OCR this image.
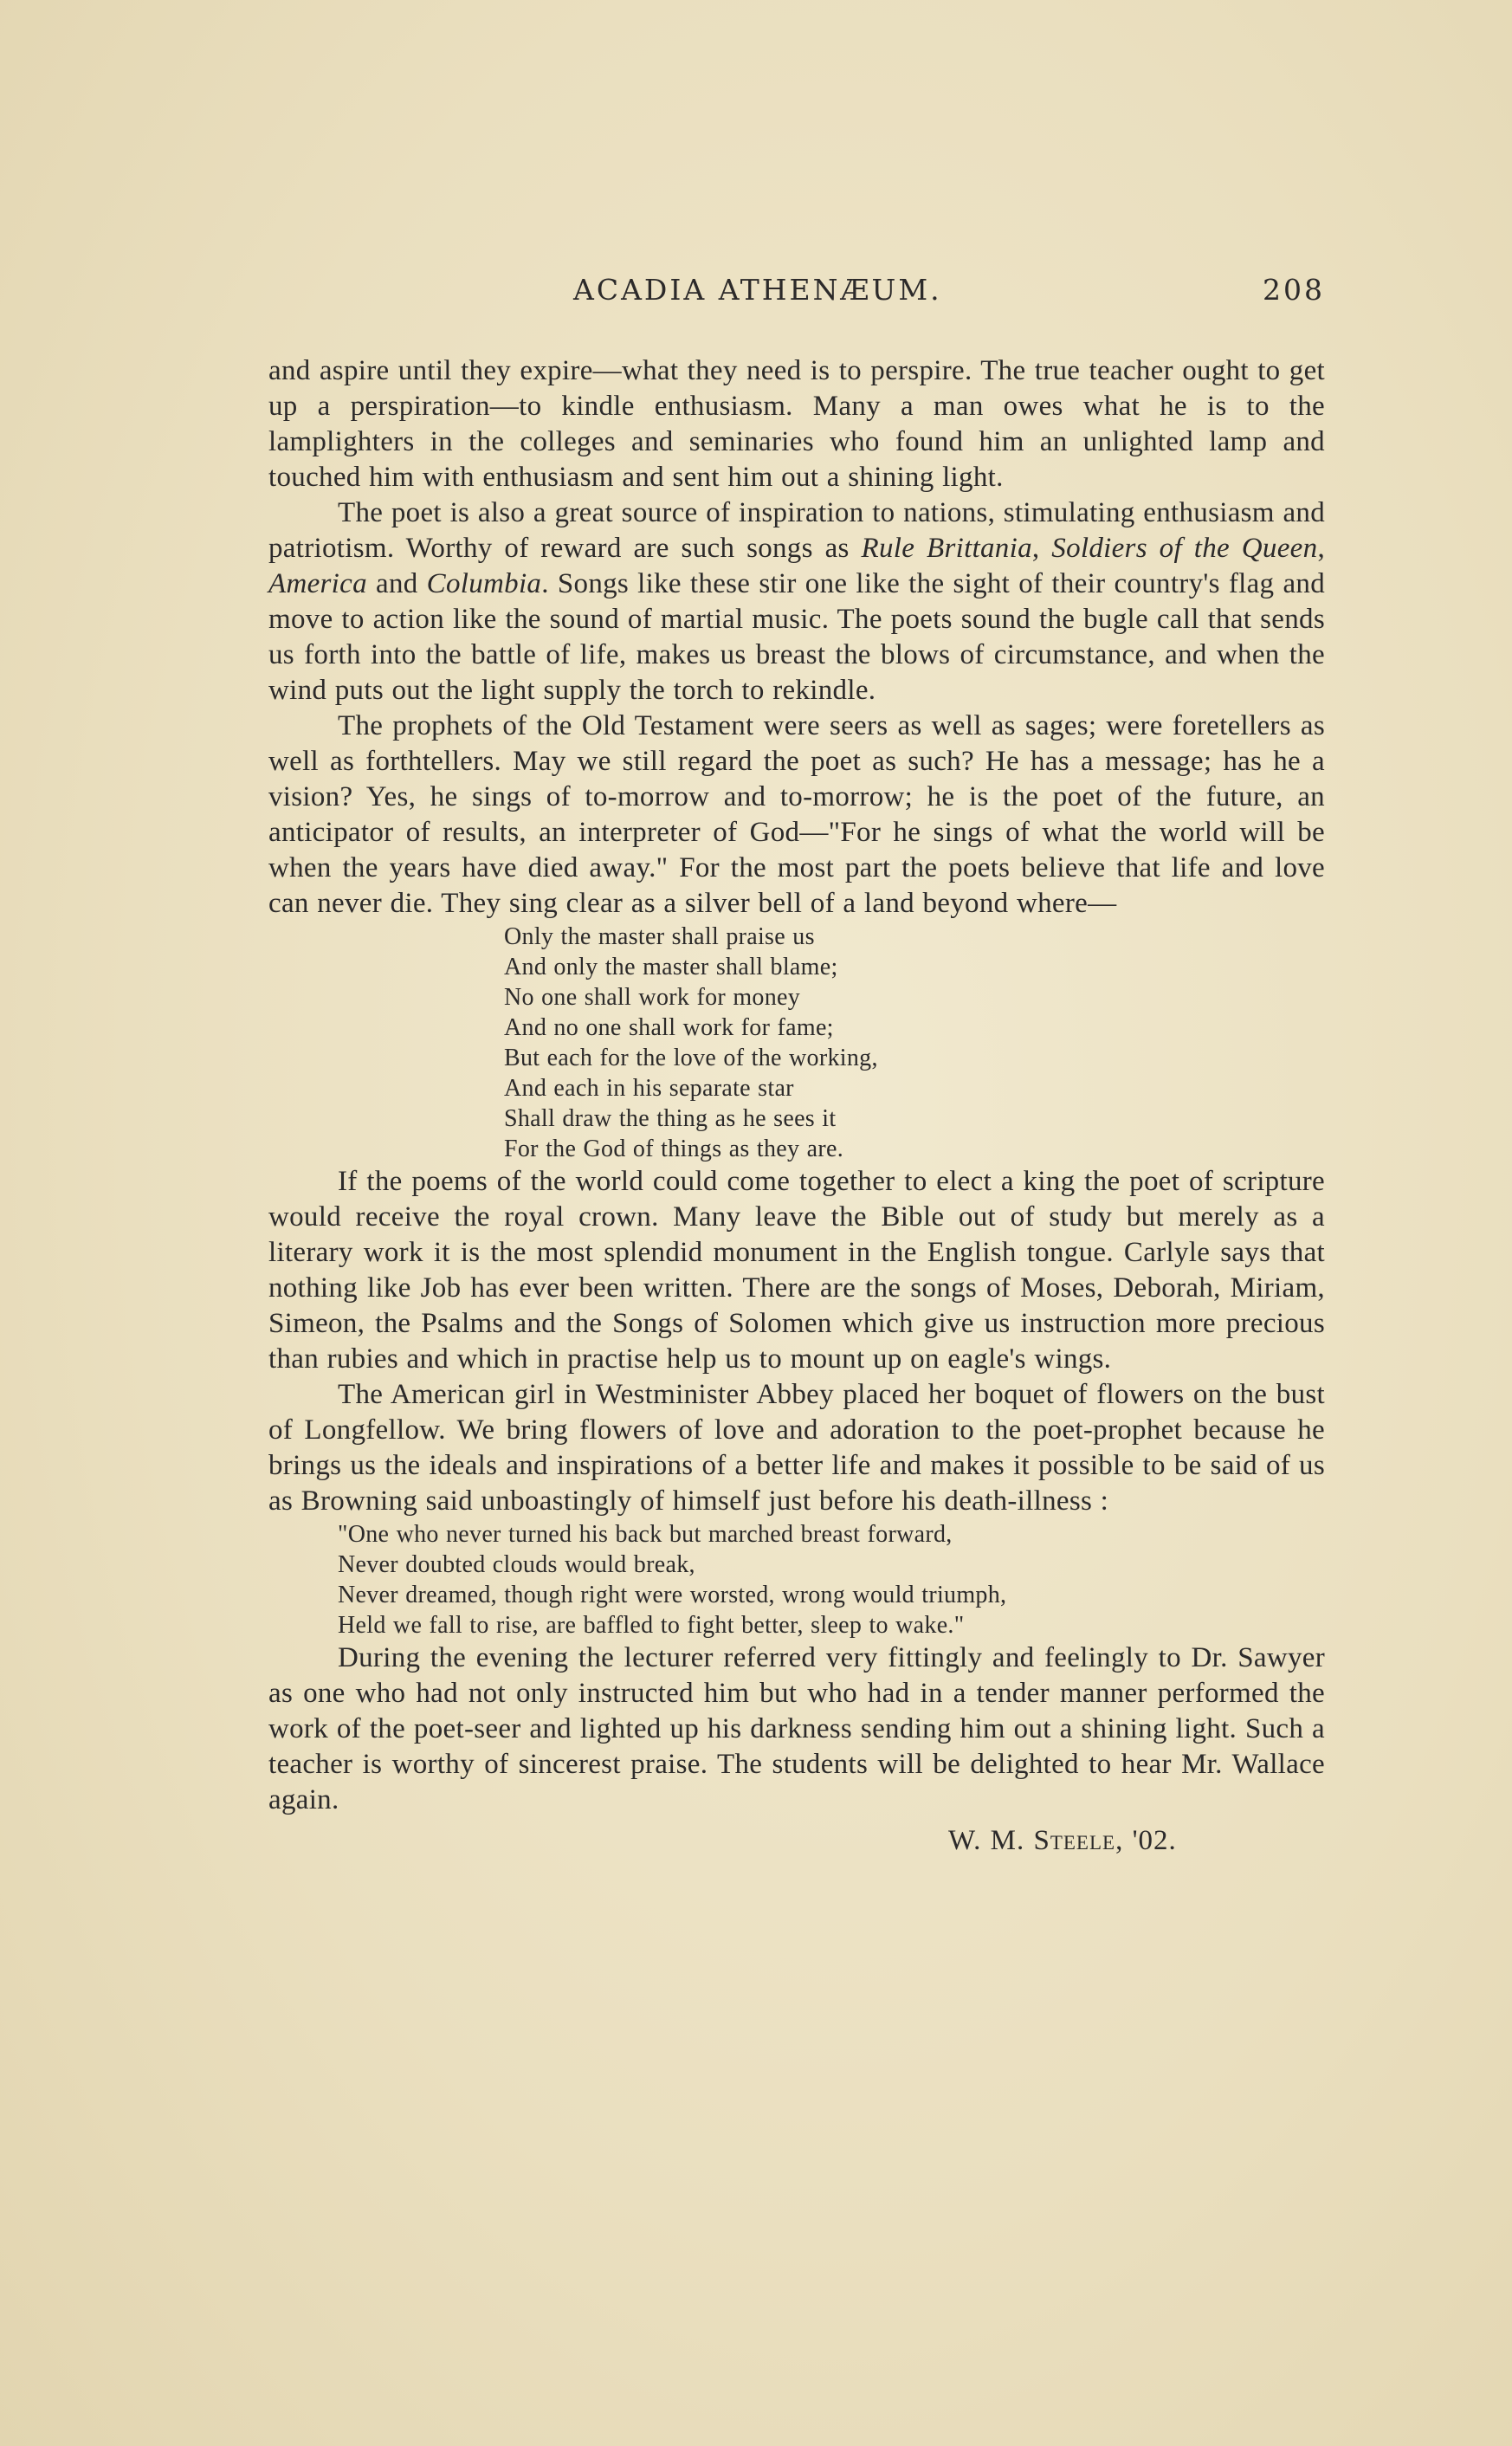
ACADIA ATHENÆUM.	208

and aspire until they expire—what they need is to perspire. The true teacher ought to get up a perspiration—to kindle enthusiasm. Many a man owes what he is to the lamplighters in the colleges and seminaries who found him an unlighted lamp and touched him with enthusiasm and sent him out a shining light.

The poet is also a great source of inspiration to nations, stimulating enthusiasm and patriotism. Worthy of reward are such songs as Rule Brittania, Soldiers of the Queen, America and Columbia. Songs like these stir one like the sight of their country's flag and move to action like the sound of martial music. The poets sound the bugle call that sends us forth into the battle of life, makes us breast the blows of circumstance, and when the wind puts out the light supply the torch to rekindle.

The prophets of the Old Testament were seers as well as sages; were foretellers as well as forthtellers. May we still regard the poet as such? He has a message; has he a vision? Yes, he sings of to-morrow and to-morrow; he is the poet of the future, an anticipator of results, an interpreter of God—"For he sings of what the world will be when the years have died away." For the most part the poets believe that life and love can never die. They sing clear as a silver bell of a land beyond where—

Only the master shall praise us
And only the master shall blame;
No one shall work for money
And no one shall work for fame;
But each for the love of the working,
And each in his separate star
Shall draw the thing as he sees it
For the God of things as they are.

If the poems of the world could come together to elect a king the poet of scripture would receive the royal crown. Many leave the Bible out of study but merely as a literary work it is the most splendid monument in the English tongue. Carlyle says that nothing like Job has ever been written. There are the songs of Moses, Deborah, Miriam, Simeon, the Psalms and the Songs of Solomen which give us instruction more precious than rubies and which in practise help us to mount up on eagle's wings.

The American girl in Westminister Abbey placed her boquet of flowers on the bust of Longfellow. We bring flowers of love and adoration to the poet-prophet because he brings us the ideals and inspirations of a better life and makes it possible to be said of us as Browning said unboastingly of himself just before his death-illness :

"One who never turned his back but marched breast forward,
Never doubted clouds would break,
Never dreamed, though right were worsted, wrong would triumph,
Held we fall to rise, are baffled to fight better, sleep to wake."

During the evening the lecturer referred very fittingly and feelingly to Dr. Sawyer as one who had not only instructed him but who had in a tender manner performed the work of the poet-seer and lighted up his darkness sending him out a shining light. Such a teacher is worthy of sincerest praise. The students will be delighted to hear Mr. Wallace again.

W. M. Steele, '02.
